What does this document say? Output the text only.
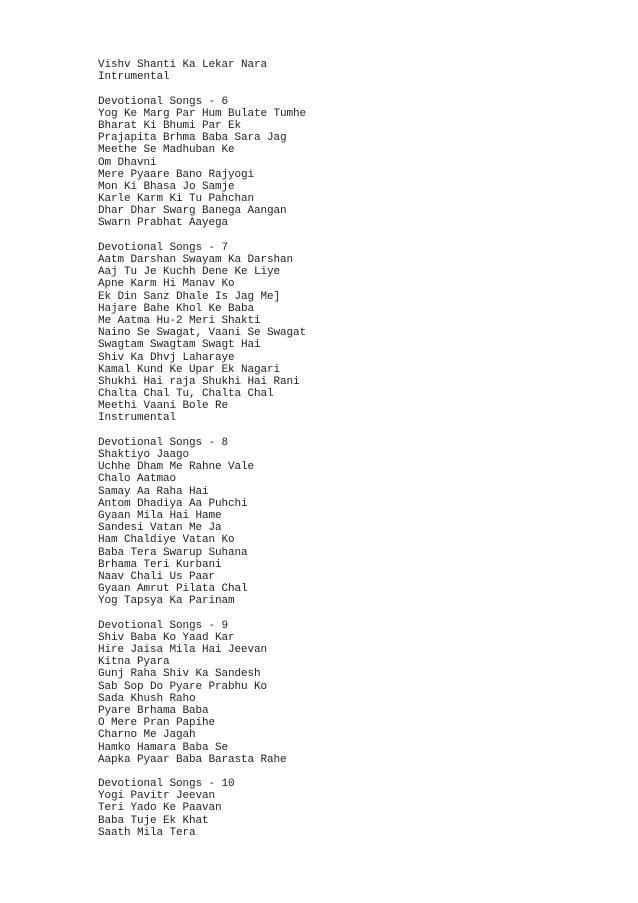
Vishv Shanti Ka Lekar Nara
Intrumental
Devotional Songs - 6
Yog Ke Marg Par Hum Bulate Tumhe
Bharat Ki Bhumi Par Ek
Prajapita Brhma Baba Sara Jag
Meethe Se Madhuban Ke
Om Dhavni
Mere Pyaare Bano Rajyogi
Mon Ki Bhasa Jo Samje
Karle Karm Ki Tu Pahchan
Dhar Dhar Swarg Banega Aangan
Swarn Prabhat Aayega
Devotional Songs - 7
Aatm Darshan Swayam Ka Darshan
Aaj Tu Je Kuchh Dene Ke Liye
Apne Karm Hi Manav Ko
Ek Din Sanz Dhale Is Jag Me]
Hajare Bahe Khol Ke Baba
Me Aatma Hu-2 Meri Shakti
Naino Se Swagat, Vaani Se Swagat
Swagtam Swagtam Swagt Hai
Shiv Ka Dhvj Laharaye
Kamal Kund Ke Upar Ek Nagari
Shukhi Hai raja Shukhi Hai Rani
Chalta Chal Tu, Chalta Chal
Meethi Vaani Bole Re
Instrumental
Devotional Songs - 8
Shaktiyo Jaago
Uchhe Dham Me Rahne Vale
Chalo Aatmao
Samay Aa Raha Hai
Antom Dhadiya Aa Puhchi
Gyaan Mila Hai Hame
Sandesi Vatan Me Ja
Ham Chaldiye Vatan Ko
Baba Tera Swarup Suhana
Brhama Teri Kurbani
Naav Chali Us Paar
Gyaan Amrut Pilata Chal
Yog Tapsya Ka Parinam
Devotional Songs - 9
Shiv Baba Ko Yaad Kar
Hire Jaisa Mila Hai Jeevan
Kitna Pyara
Gunj Raha Shiv Ka Sandesh
Sab Sop Do Pyare Prabhu Ko
Sada Khush Raho
Pyare Brhama Baba
O Mere Pran Papihe
Charno Me Jagah
Hamko Hamara Baba Se
Aapka Pyaar Baba Barasta Rahe
Devotional Songs - 10
Yogi Pavitr Jeevan
Teri Yado Ke Paavan
Baba Tuje Ek Khat
Saath Mila Tera
